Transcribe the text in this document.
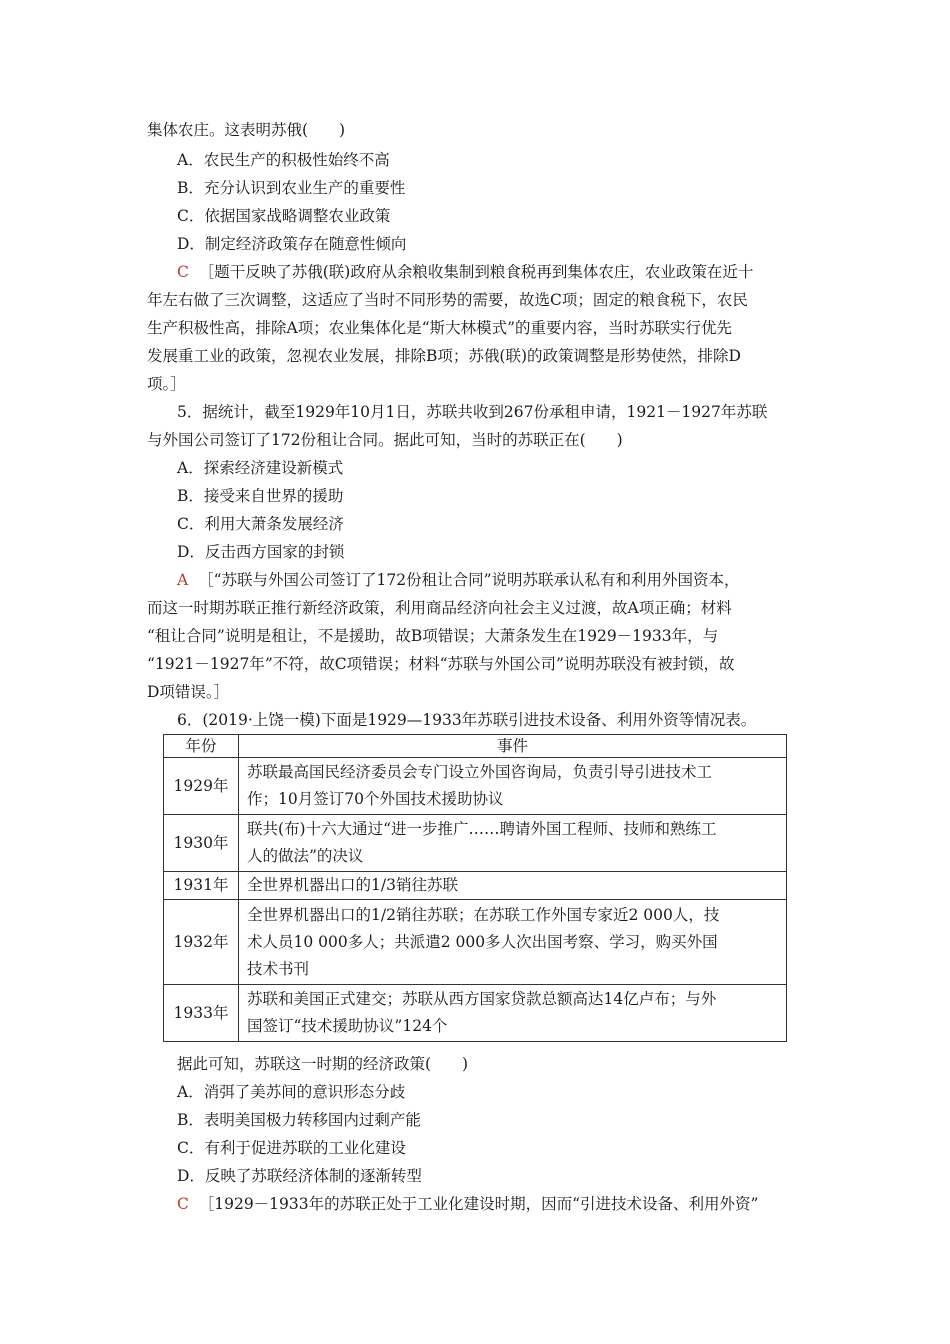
集体农庄。这表明苏俄(　　)
A．农民生产的积极性始终不高
B．充分认识到农业生产的重要性
C．依据国家战略调整农业政策
D．制定经济政策存在随意性倾向
C ［题干反映了苏俄(联)政府从余粮收集制到粮食税再到集体农庄，农业政策在近十
年左右做了三次调整，这适应了当时不同形势的需要，故选C项；固定的粮食税下，农民
生产积极性高，排除A项；农业集体化是“斯大林模式”的重要内容，当时苏联实行优先
发展重工业的政策，忽视农业发展，排除B项；苏俄(联)的政策调整是形势使然，排除D
项。］
5．据统计，截至1929年10月1日，苏联共收到267份承租申请，1921－1927年苏联
与外国公司签订了172份租让合同。据此可知，当时的苏联正在(　　)
A．探索经济建设新模式
B．接受来自世界的援助
C．利用大萧条发展经济
D．反击西方国家的封锁
A ［“苏联与外国公司签订了172份租让合同”说明苏联承认私有和利用外国资本，
而这一时期苏联正推行新经济政策，利用商品经济向社会主义过渡，故A项正确；材料
“租让合同”说明是租让，不是援助，故B项错误；大萧条发生在1929－1933年，与
“1921－1927年”不符，故C项错误；材料“苏联与外国公司”说明苏联没有被封锁，故
D项错误。］
6．(2019·上饶一模)下面是1929—1933年苏联引进技术设备、利用外资等情况表。
年份	事件
1929年	苏联最高国民经济委员会专门设立外国咨询局，负责引导引进技术工
作；10月签订70个外国技术援助协议

1930年	联共(布)十六大通过“进一步推广……聘请外国工程师、技师和熟练工
人的做法”的决议

1931年	全世界机器出口的1/3销往苏联

1932年	全世界机器出口的1/2销往苏联；在苏联工作外国专家近2 000人，技
术人员10 000多人；共派遣2 000多人次出国考察、学习，购买外国
技术书刊

1933年	苏联和美国正式建交；苏联从西方国家贷款总额高达14亿卢布；与外
国签订“技术援助协议”124个
据此可知，苏联这一时期的经济政策(　　)
A．消弭了美苏间的意识形态分歧
B．表明美国极力转移国内过剩产能
C．有利于促进苏联的工业化建设
D．反映了苏联经济体制的逐渐转型
C ［1929－1933年的苏联正处于工业化建设时期，因而“引进技术设备、利用外资”
